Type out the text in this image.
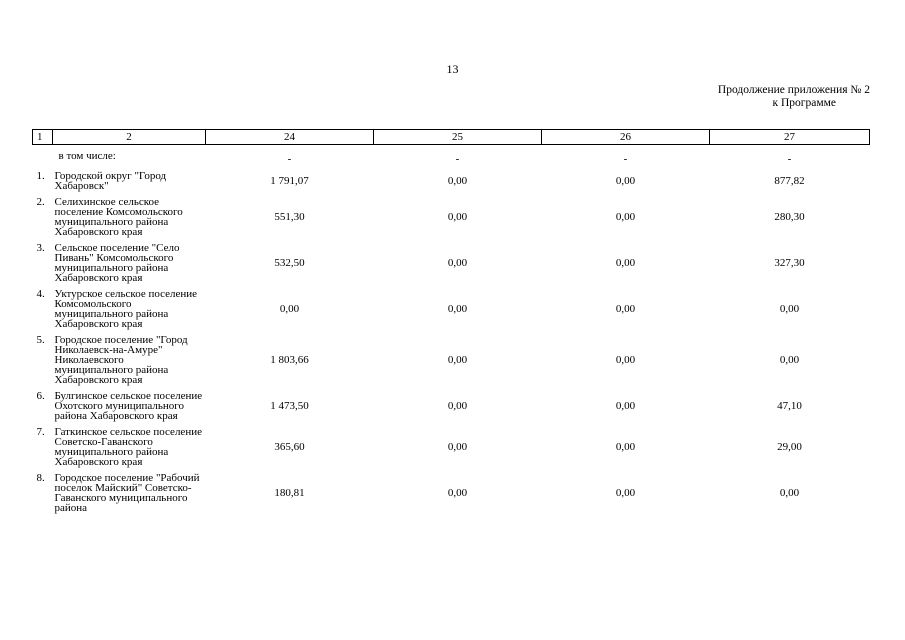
13
Продолжение приложения № 2
к Программе
1	2	24	25	26	27
	в том числе:	-	-	-	-
1.	Городской округ "Город Хабаровск"	1 791,07	0,00	0,00	877,82
2.	Селихинское сельское поселение Комсомольского муниципального района Хабаровского края	551,30	0,00	0,00	280,30
3.	Сельское поселение "Село Пивань" Комсомольского муниципального района Хабаровского края	532,50	0,00	0,00	327,30
4.	Уктурское сельское поселение Комсомольского муниципального района Хабаровского края	0,00	0,00	0,00	0,00
5.	Городское поселение "Город Николаевск-на-Амуре" Николаевского муниципального района Хабаровского края	1 803,66	0,00	0,00	0,00
6.	Булгинское сельское поселение Охотского муниципального района Хабаровского края	1 473,50	0,00	0,00	47,10
7.	Гаткинское сельское поселение Советско-Гаванского муниципального района Хабаровского края	365,60	0,00	0,00	29,00
8.	Городское поселение "Рабочий поселок Майский" Советско-Гаванского муниципального района	180,81	0,00	0,00	0,00
